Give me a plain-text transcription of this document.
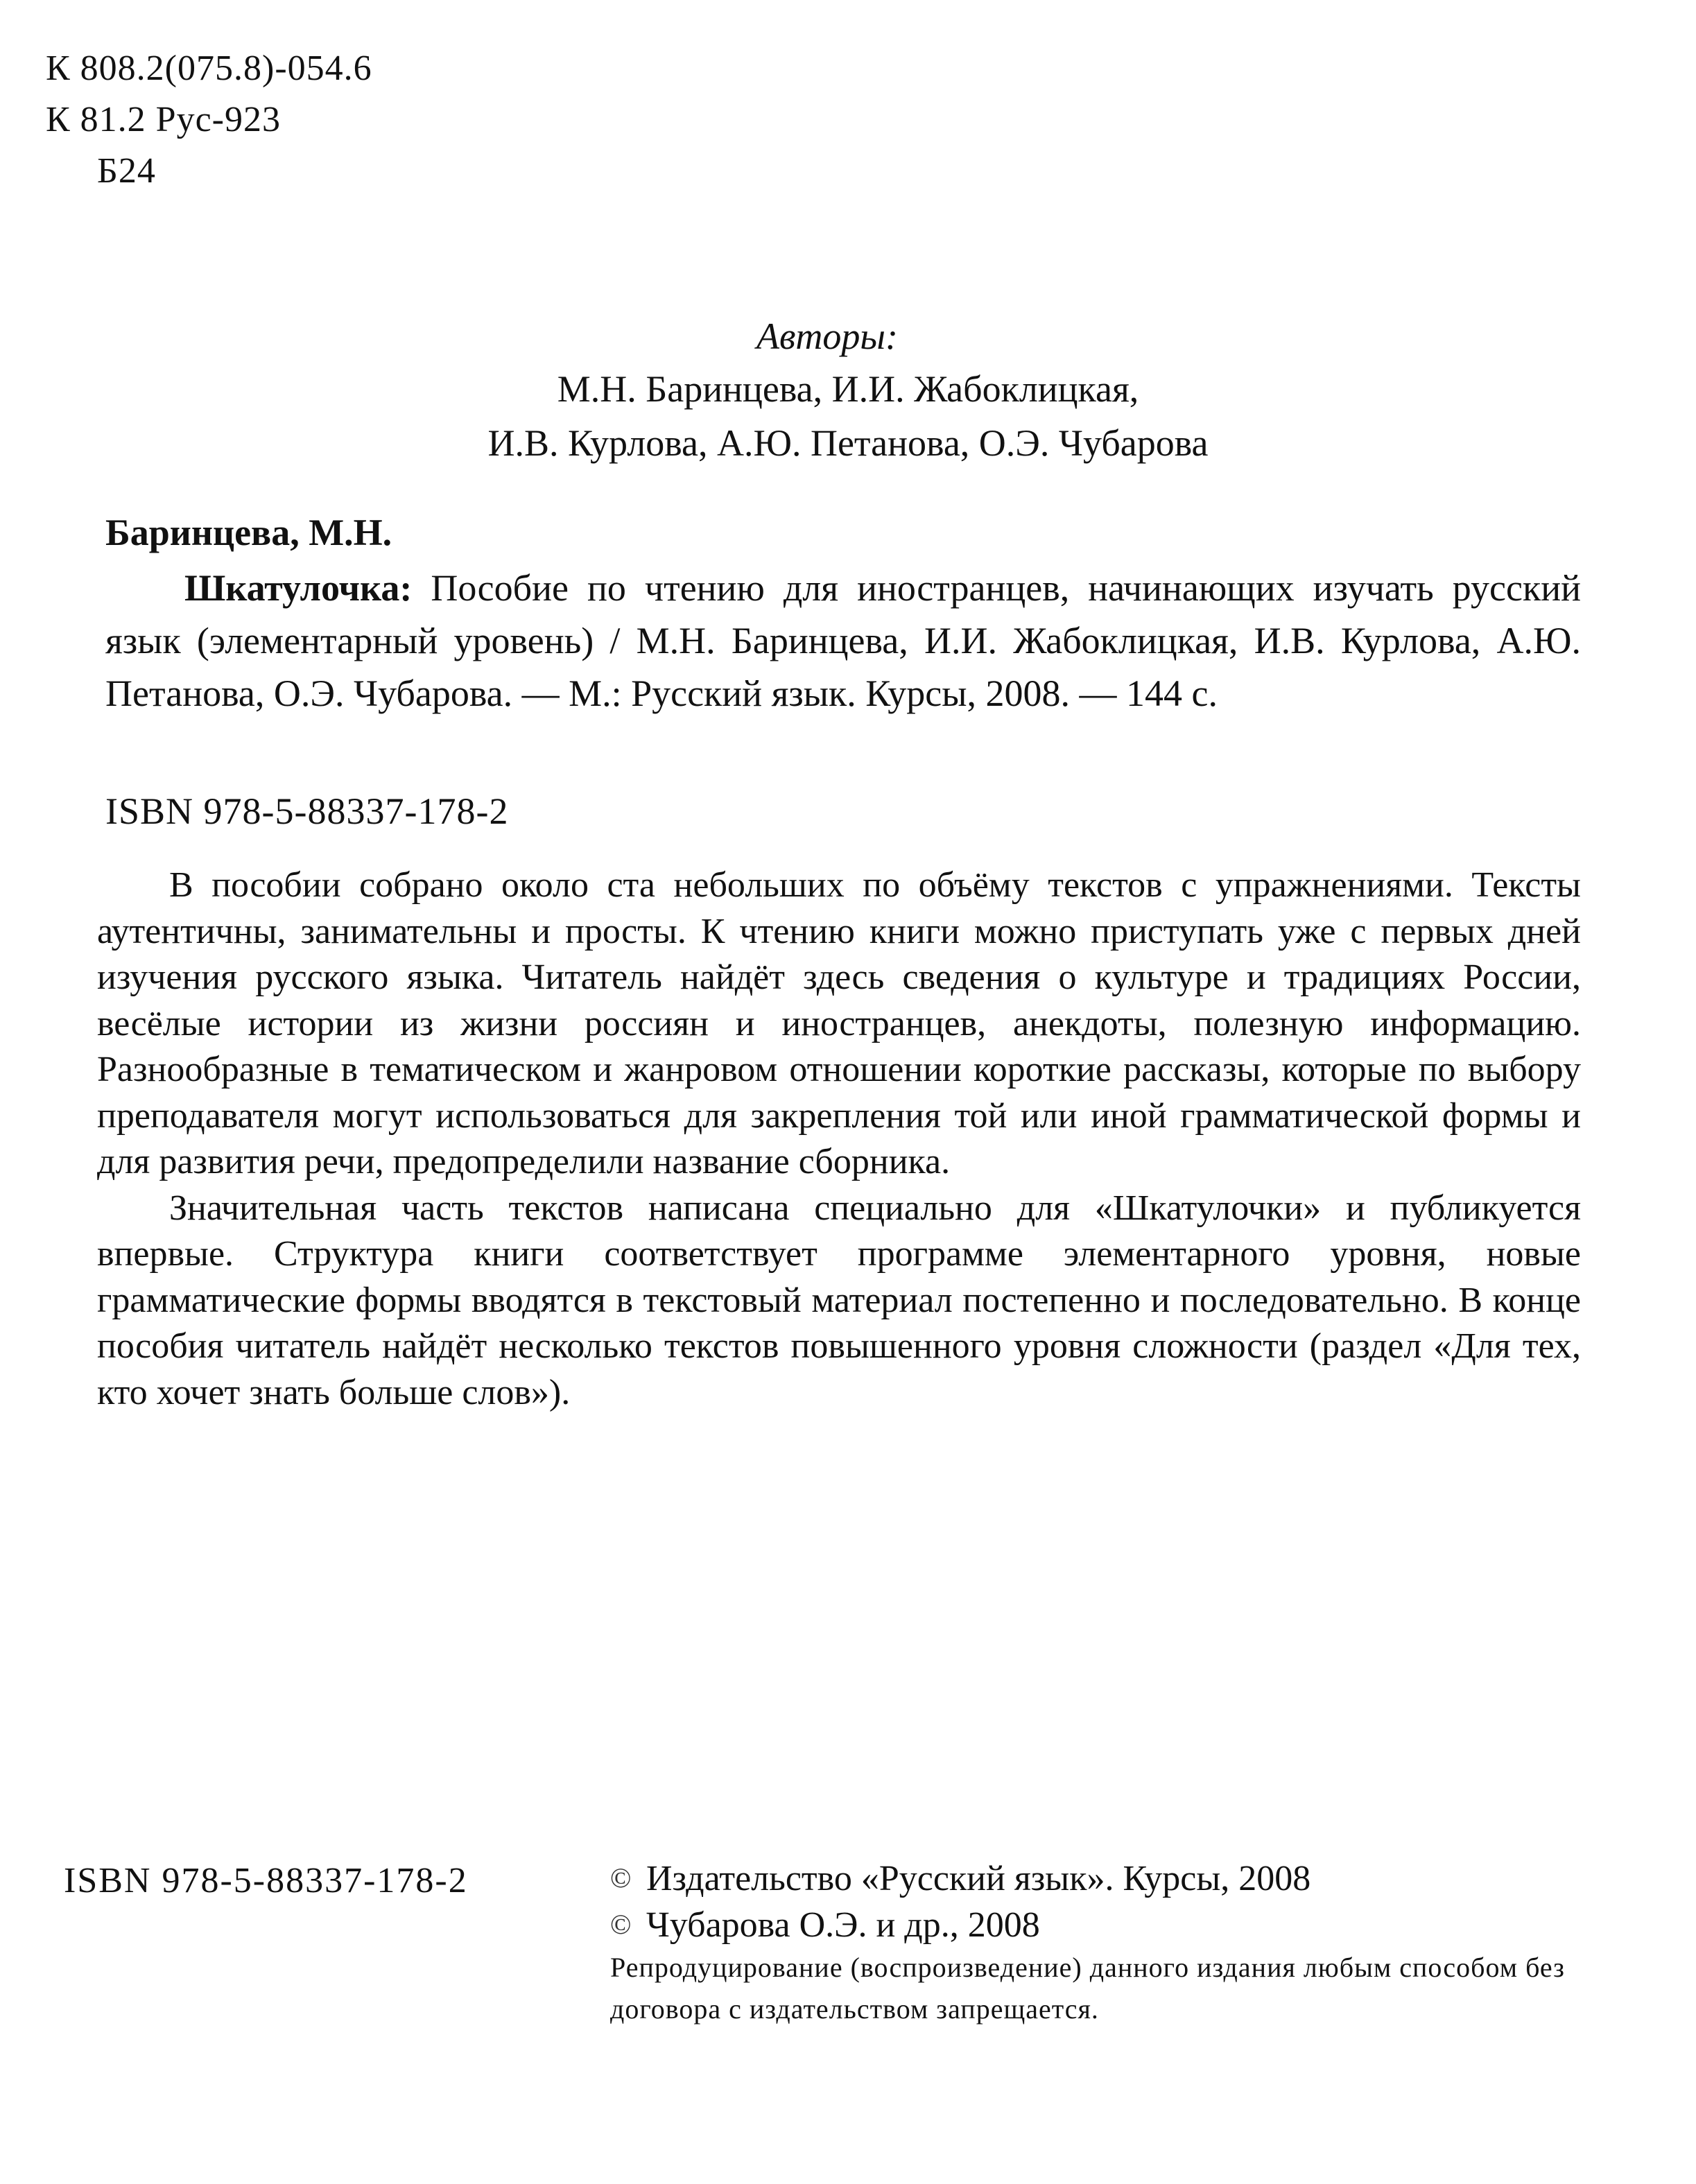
К 808.2(075.8)-054.6
К 81.2 Рус-923
Б24
Авторы:
М.Н. Баринцева, И.И. Жабоклицкая,
И.В. Курлова, А.Ю. Петанова, О.Э. Чубарова
Баринцева, М.Н.
Шкатулочка: Пособие по чтению для иностранцев, начинающих изучать русский язык (элементарный уровень) / М.Н. Баринцева, И.И. Жабоклицкая, И.В. Курлова, А.Ю. Петанова, О.Э. Чубарова. — М.: Русский язык. Курсы, 2008. — 144 с.
ISBN 978-5-88337-178-2

В пособии собрано около ста небольших по объёму текстов с упражнениями. Тексты аутентичны, занимательны и просты. К чтению книги можно приступать уже с первых дней изучения русского языка. Читатель найдёт здесь сведения о культуре и традициях России, весёлые истории из жизни россиян и иностранцев, анекдоты, полезную информацию. Разнообразные в тематическом и жанровом отношении короткие рассказы, которые по выбору преподавателя могут использоваться для закрепления той или иной грамматической формы и для развития речи, предопределили название сборника.

Значительная часть текстов написана специально для «Шкатулочки» и публикуется впервые. Структура книги соответствует программе элементарного уровня, новые грамматические формы вводятся в текстовый материал постепенно и последовательно. В конце пособия читатель найдёт несколько текстов повышенного уровня сложности (раздел «Для тех, кто хочет знать больше слов»).

ISBN 978-5-88337-178-2	© Издательство «Русский язык». Курсы, 2008
© Чубарова О.Э. и др., 2008
Репродуцирование (воспроизведение) данного издания любым способом без договора с издательством запрещается.
